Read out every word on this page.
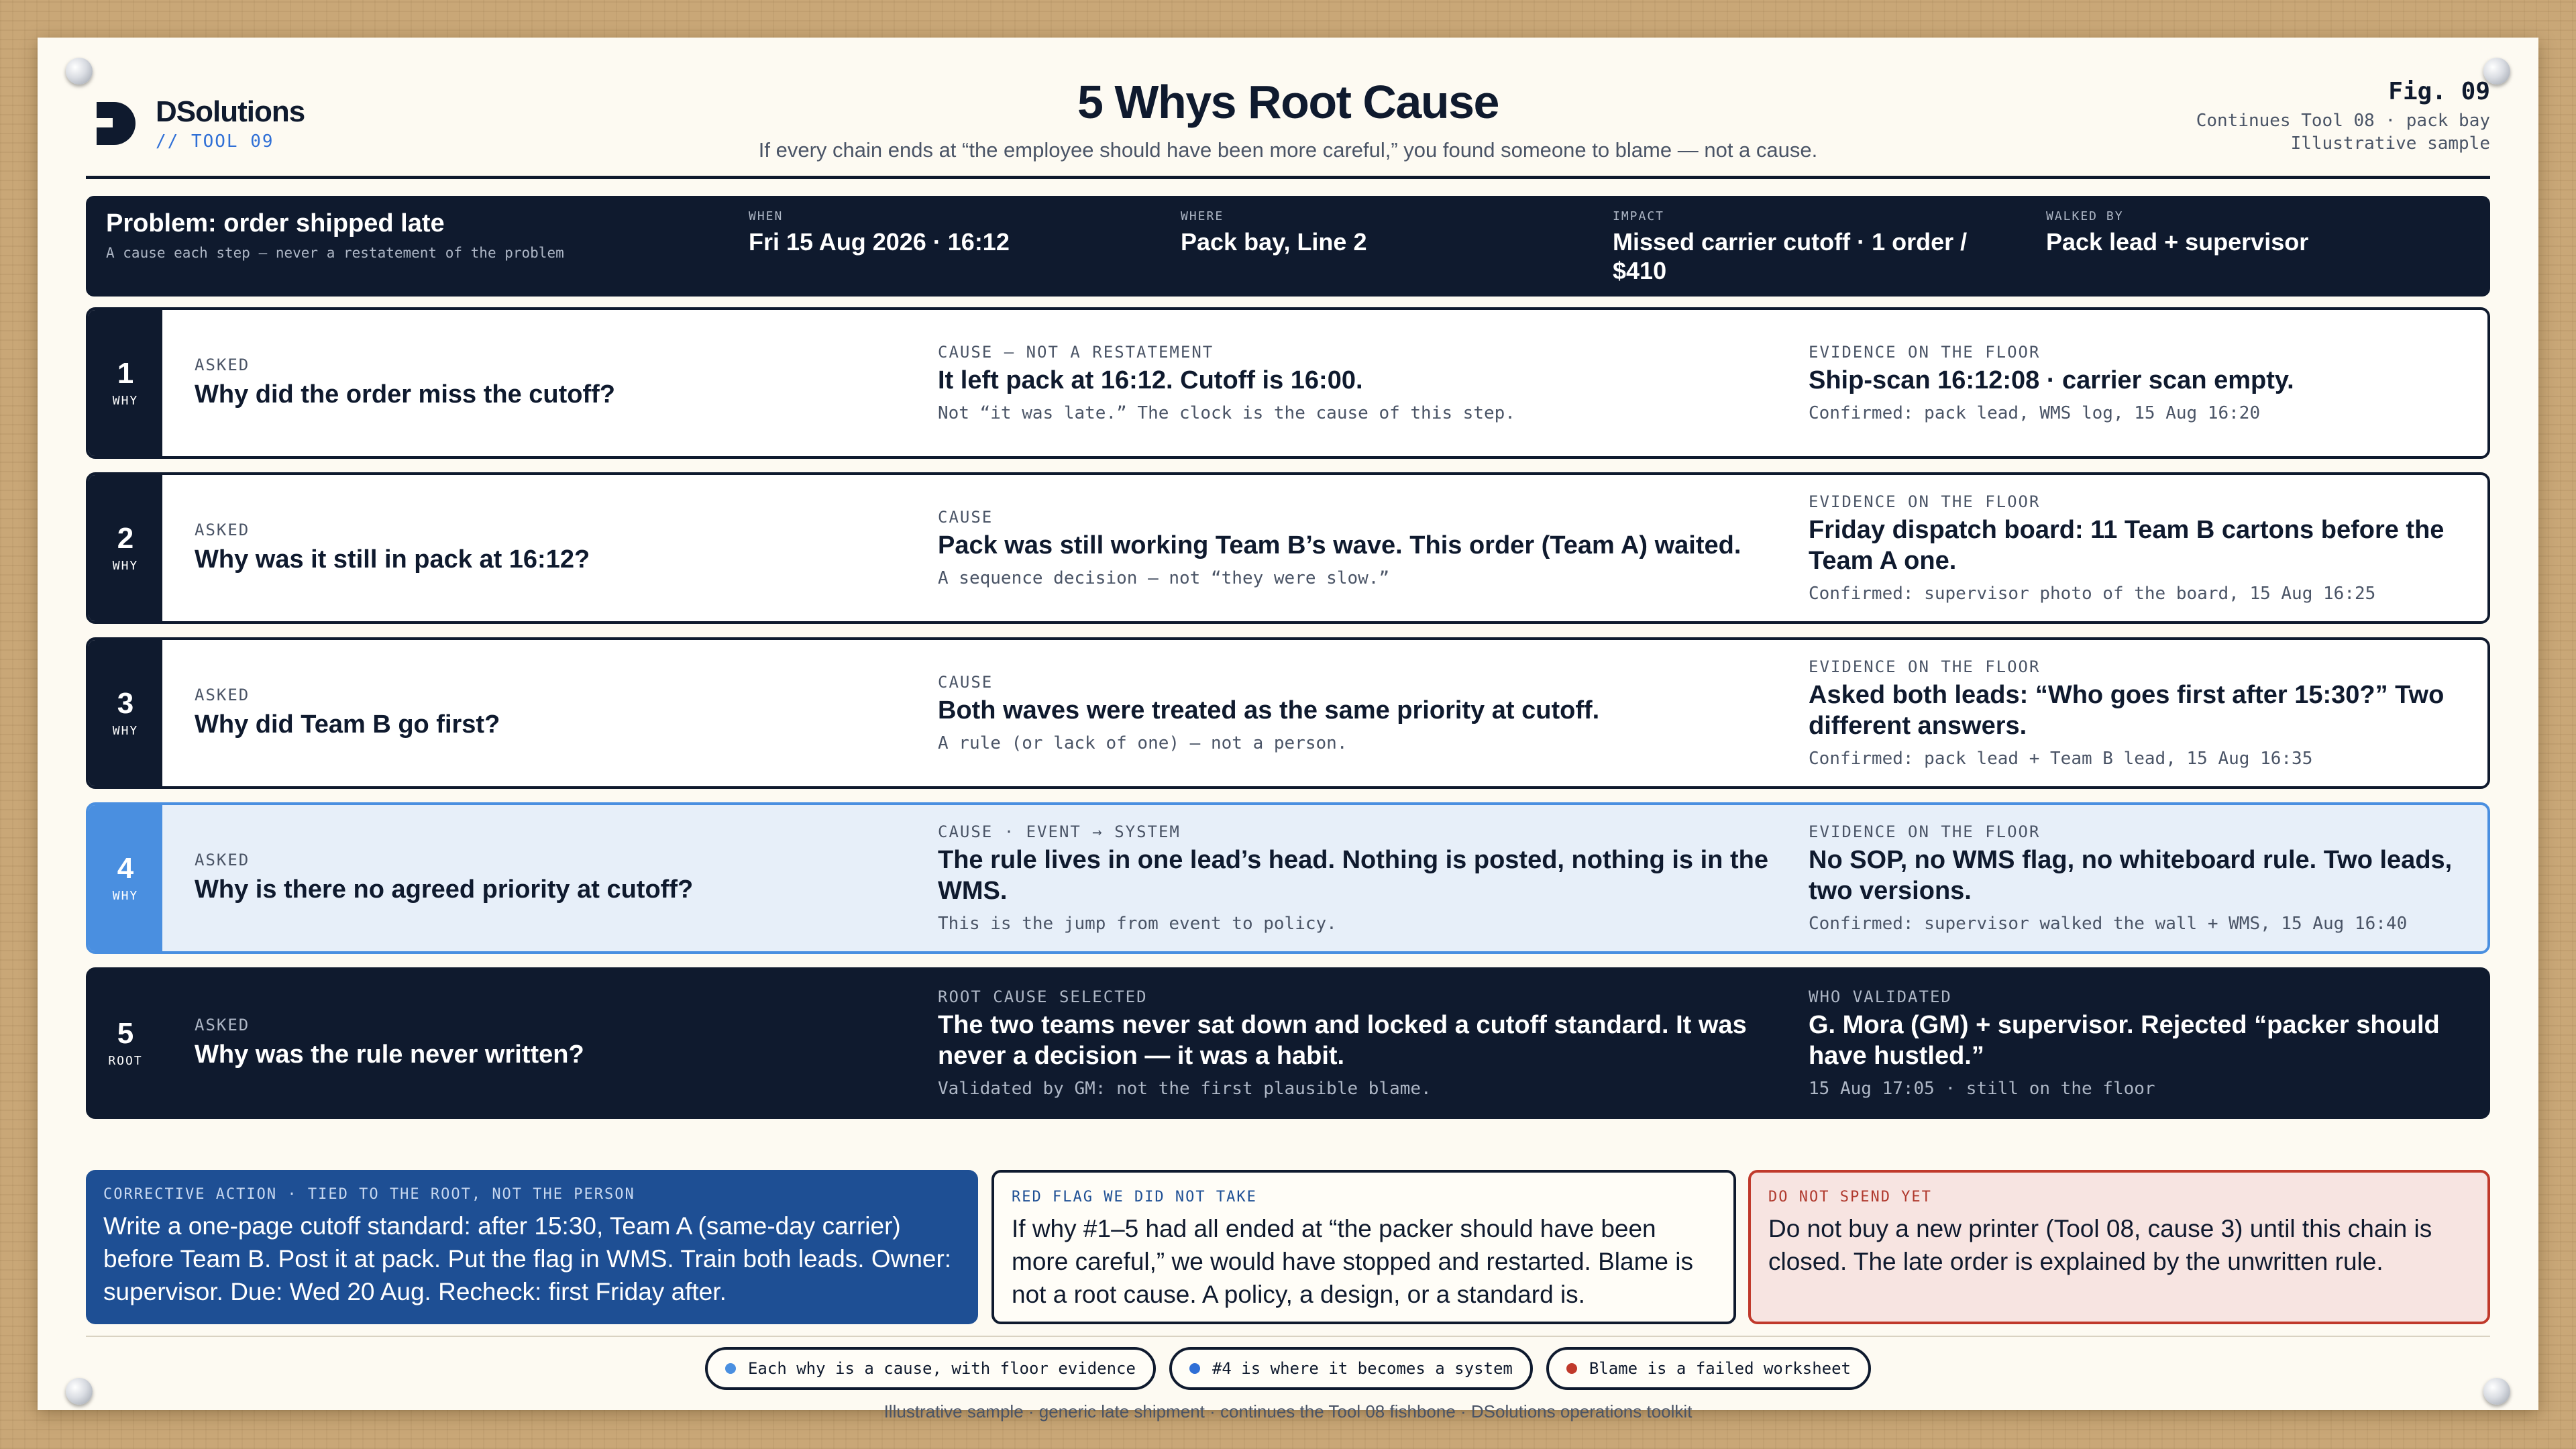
DSolutions
// TOOL 09
5 Whys Root Cause
If every chain ends at “the employee should have been more careful,” you found someone to blame — not a cause.
Fig. 09
Continues Tool 08 · pack bay
Illustrative sample
Problem: order shipped late
A cause each step — never a restatement of the problem
WHEN
Fri 15 Aug 2026 · 16:12
WHERE
Pack bay, Line 2
IMPACT
Missed carrier cutoff · 1 order / $410
WALKED BY
Pack lead + supervisor
1
WHY
ASKED
Why did the order miss the cutoff?
CAUSE — NOT A RESTATEMENT
It left pack at 16:12. Cutoff is 16:00.
Not “it was late.” The clock is the cause of this step.
EVIDENCE ON THE FLOOR
Ship-scan 16:12:08 · carrier scan empty.
Confirmed: pack lead, WMS log, 15 Aug 16:20
2
WHY
ASKED
Why was it still in pack at 16:12?
CAUSE
Pack was still working Team B’s wave. This order (Team A) waited.
A sequence decision — not “they were slow.”
EVIDENCE ON THE FLOOR
Friday dispatch board: 11 Team B cartons before the Team A one.
Confirmed: supervisor photo of the board, 15 Aug 16:25
3
WHY
ASKED
Why did Team B go first?
CAUSE
Both waves were treated as the same priority at cutoff.
A rule (or lack of one) — not a person.
EVIDENCE ON THE FLOOR
Asked both leads: “Who goes first after 15:30?” Two different answers.
Confirmed: pack lead + Team B lead, 15 Aug 16:35
4
WHY
ASKED
Why is there no agreed priority at cutoff?
CAUSE · EVENT → SYSTEM
The rule lives in one lead’s head. Nothing is posted, nothing is in the WMS.
This is the jump from event to policy.
EVIDENCE ON THE FLOOR
No SOP, no WMS flag, no whiteboard rule. Two leads, two versions.
Confirmed: supervisor walked the wall + WMS, 15 Aug 16:40
5
ROOT
ASKED
Why was the rule never written?
ROOT CAUSE SELECTED
The two teams never sat down and locked a cutoff standard. It was never a decision — it was a habit.
Validated by GM: not the first plausible blame.
WHO VALIDATED
G. Mora (GM) + supervisor. Rejected “packer should have hustled.”
15 Aug 17:05 · still on the floor
CORRECTIVE ACTION · TIED TO THE ROOT, NOT THE PERSON
Write a one-page cutoff standard: after 15:30, Team A (same-day carrier) before Team B. Post it at pack. Put the flag in WMS. Train both leads. Owner: supervisor. Due: Wed 20 Aug. Recheck: first Friday after.
RED FLAG WE DID NOT TAKE
If why #1–5 had all ended at “the packer should have been more careful,” we would have stopped and restarted. Blame is not a root cause. A policy, a design, or a standard is.
DO NOT SPEND YET
Do not buy a new printer (Tool 08, cause 3) until this chain is closed. The late order is explained by the unwritten rule.
Each why is a cause, with floor evidence	#4 is where it becomes a system	Blame is a failed worksheet
Illustrative sample · generic late shipment · continues the Tool 08 fishbone · DSolutions operations toolkit
